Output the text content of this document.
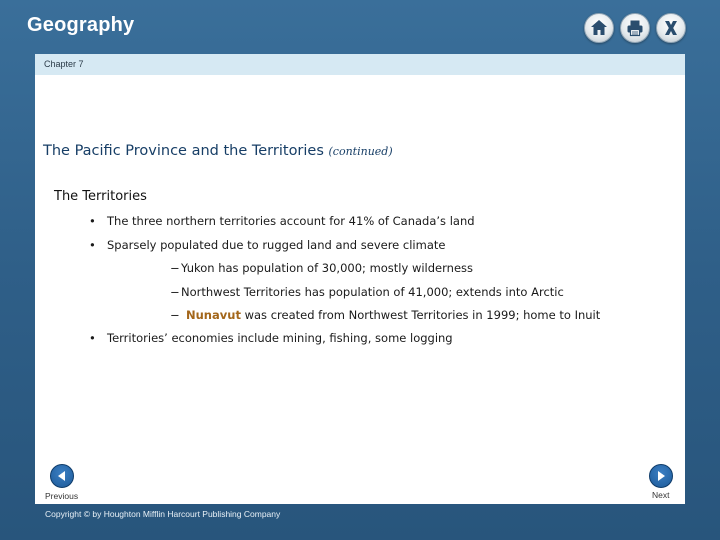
Geography
Chapter 7
The Pacific Province and the Territories (continued)
The Territories
• The three northern territories account for 41% of Canada’s land
• Sparsely populated due to rugged land and severe climate
−Yukon has population of 30,000; mostly wilderness
−Northwest Territories has population of 41,000; extends into Arctic
− Nunavut was created from Northwest Territories in 1999; home to Inuit
• Territories’ economies include mining, fishing, some logging
Previous	Next
Copyright © by Houghton Mifflin Harcourt Publishing Company
